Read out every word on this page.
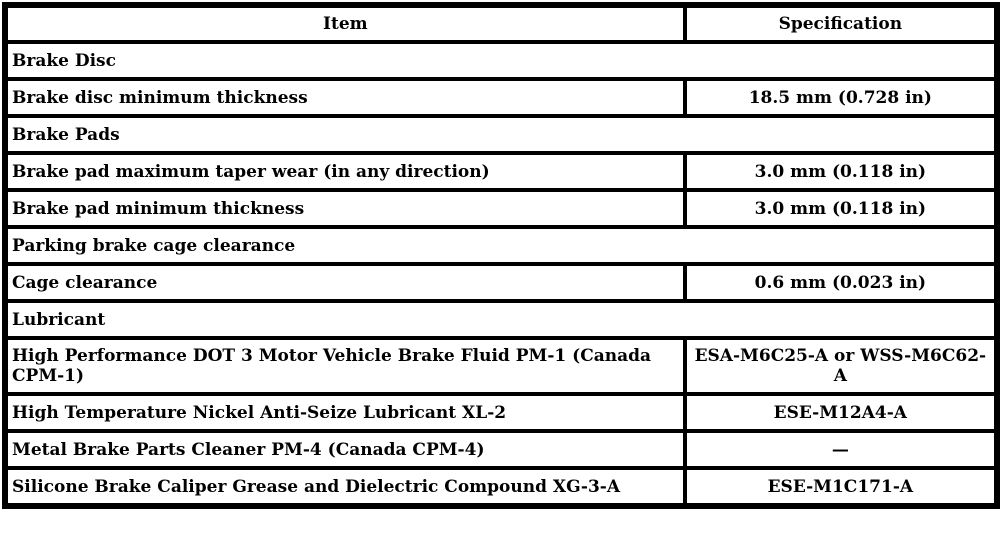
Item	Specification
Brake Disc	
Brake disc minimum thickness	18.5 mm (0.728 in)
Brake Pads	
Brake pad maximum taper wear (in any direction)	3.0 mm (0.118 in)
Brake pad minimum thickness	3.0 mm (0.118 in)
Parking brake cage clearance	
Cage clearance	0.6 mm (0.023 in)
Lubricant	
High Performance DOT 3 Motor Vehicle Brake Fluid PM-1 (Canada CPM-1)	ESA-M6C25-A or WSS-M6C62-A
High Temperature Nickel Anti-Seize Lubricant XL-2	ESE-M12A4-A
Metal Brake Parts Cleaner PM-4 (Canada CPM-4)	—
Silicone Brake Caliper Grease and Dielectric Compound XG-3-A	ESE-M1C171-A
